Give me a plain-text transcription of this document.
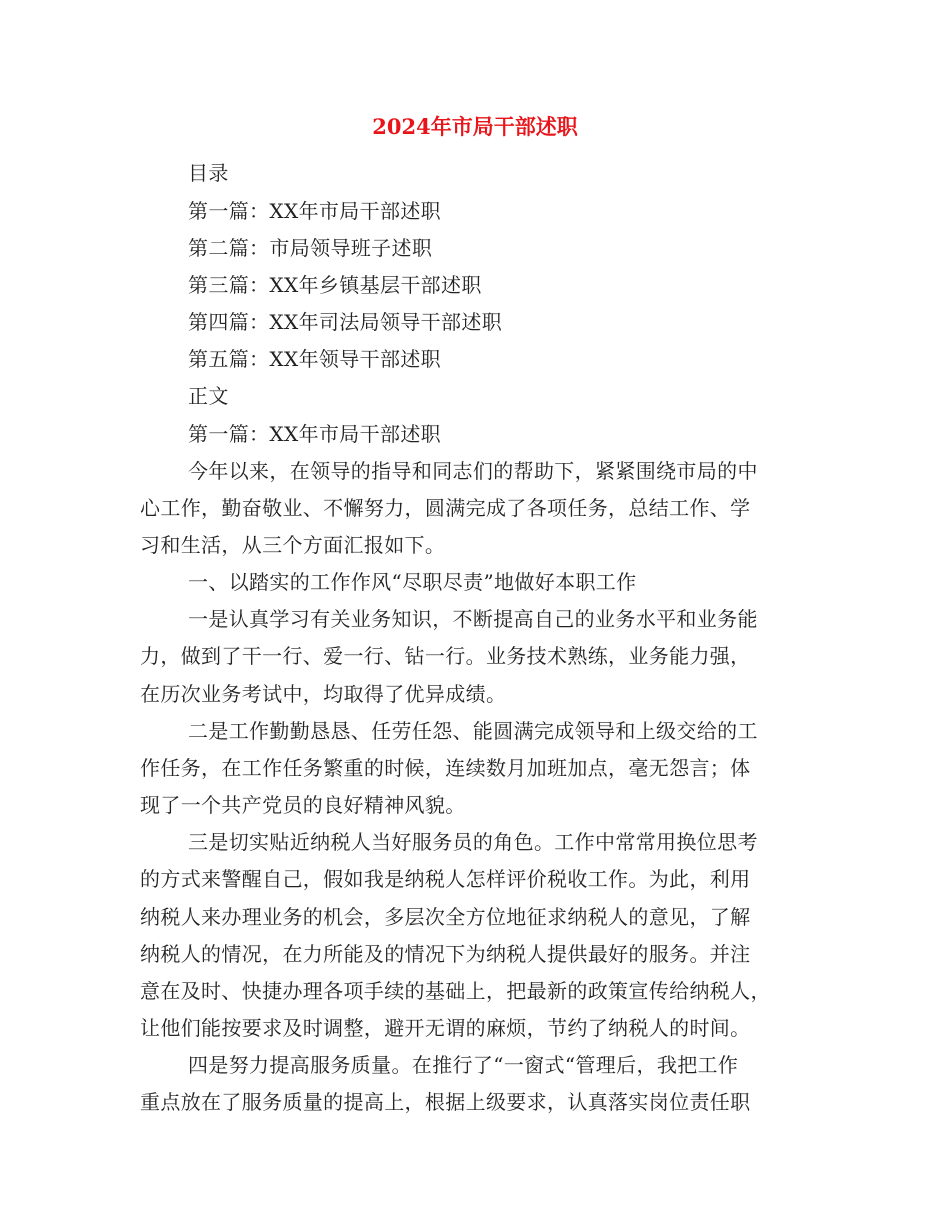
2024年市局干部述职

目录

第一篇：XX年市局干部述职

第二篇：市局领导班子述职

第三篇：XX年乡镇基层干部述职

第四篇：XX年司法局领导干部述职

第五篇：XX年领导干部述职

正文

第一篇：XX年市局干部述职

今年以来，在领导的指导和同志们的帮助下，紧紧围绕市局的中

心工作，勤奋敬业、不懈努力，圆满完成了各项任务，总结工作、学

习和生活，从三个方面汇报如下。

一、以踏实的工作作风“尽职尽责”地做好本职工作

一是认真学习有关业务知识，不断提高自己的业务水平和业务能

力，做到了干一行、爱一行、钻一行。业务技术熟练，业务能力强，

在历次业务考试中，均取得了优异成绩。

二是工作勤勤恳恳、任劳任怨、能圆满完成领导和上级交给的工

作任务，在工作任务繁重的时候，连续数月加班加点，毫无怨言；体

现了一个共产党员的良好精神风貌。

三是切实贴近纳税人当好服务员的角色。工作中常常用换位思考

的方式来警醒自己，假如我是纳税人怎样评价税收工作。为此，利用

纳税人来办理业务的机会，多层次全方位地征求纳税人的意见，了解

纳税人的情况，在力所能及的情况下为纳税人提供最好的服务。并注

意在及时、快捷办理各项手续的基础上，把最新的政策宣传给纳税人，

让他们能按要求及时调整，避开无谓的麻烦，节约了纳税人的时间。

四是努力提高服务质量。在推行了“一窗式“管理后，我把工作

重点放在了服务质量的提高上，根据上级要求，认真落实岗位责任职
